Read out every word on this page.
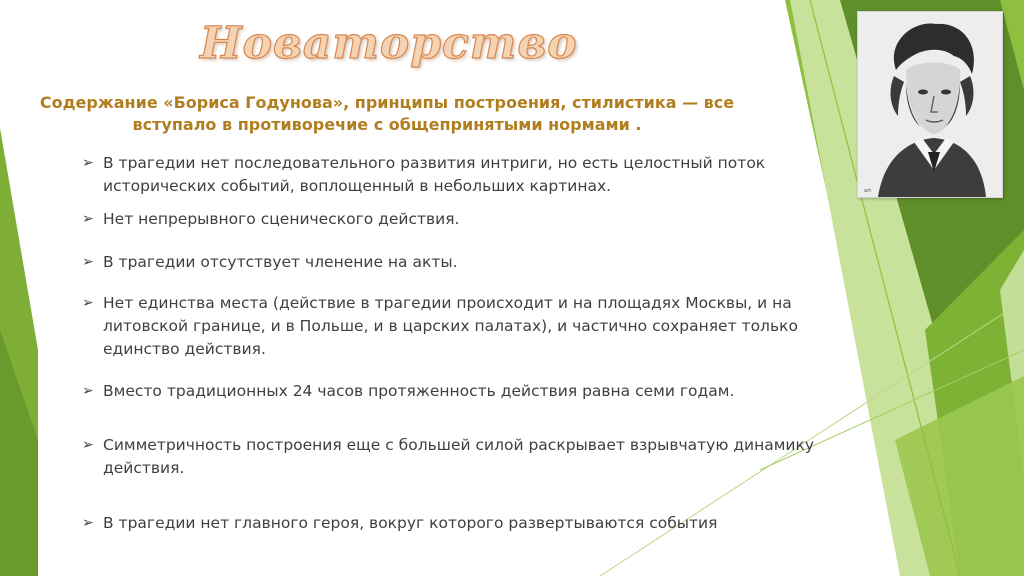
Новаторство
Содержание «Бориса Годунова», принципы построения, стилистика — все вступало в противоречие с общепринятыми нормами .
art
➢ В трагедии нет последовательного развития интриги, но есть целостный поток исторических событий, воплощенный в небольших картинах.
➢ Нет непрерывного сценического действия.
➢ В трагедии отсутствует членение на акты.
➢ Нет единства места (действие в трагедии происходит и на площадях Москвы, и на литовской границе, и в Польше, и в царских палатах), и частично сохраняет только единство действия.
➢ Вместо традиционных 24 часов протяженность действия равна семи годам.
➢ Симметричность построения еще с большей силой раскрывает взрывчатую динамику действия.
➢ В трагедии нет главного героя, вокруг которого развертываются события
